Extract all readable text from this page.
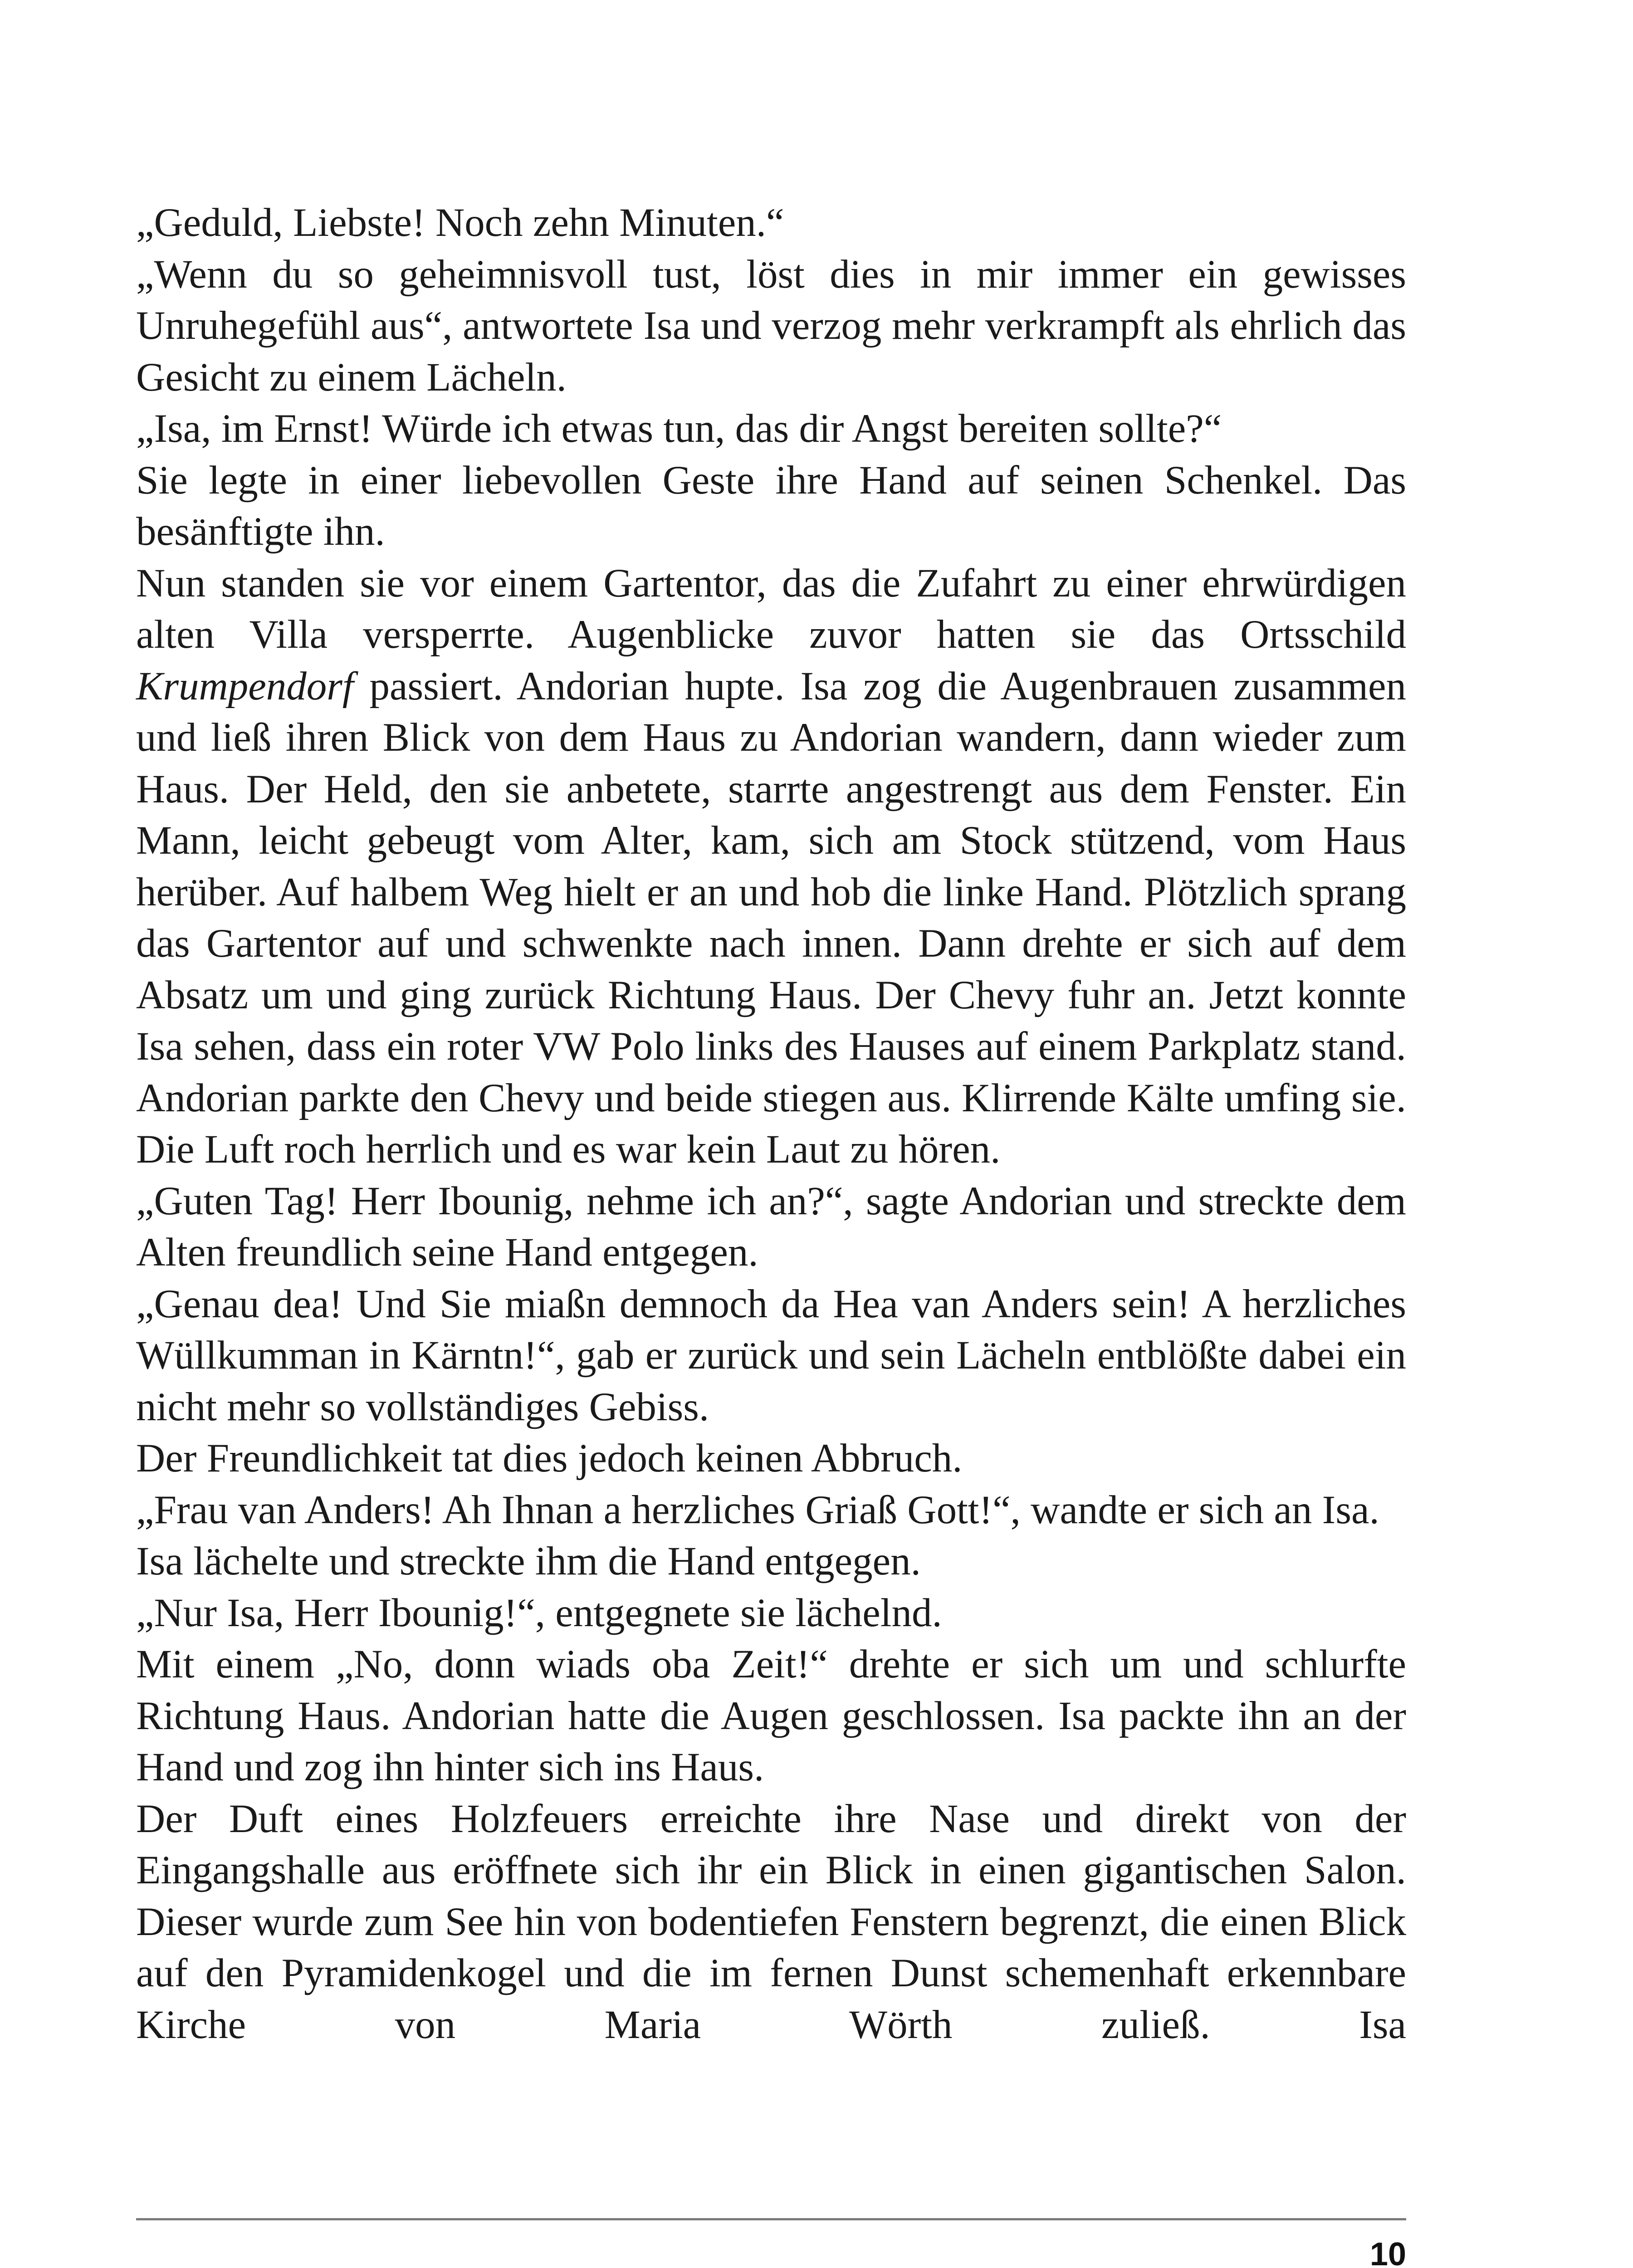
„Geduld, Liebste! Noch zehn Minuten.“

„Wenn du so geheimnisvoll tust, löst dies in mir immer ein gewisses Unruhegefühl aus“, antwortete Isa und verzog mehr verkrampft als ehrlich das Gesicht zu einem Lächeln.

„Isa, im Ernst! Würde ich etwas tun, das dir Angst bereiten sollte?“

Sie legte in einer liebevollen Geste ihre Hand auf seinen Schenkel. Das besänftigte ihn.

Nun standen sie vor einem Gartentor, das die Zufahrt zu einer ehrwürdigen alten Villa versperrte. Augenblicke zuvor hatten sie das Ortsschild Krumpendorf passiert. Andorian hupte. Isa zog die Augenbrauen zusammen und ließ ihren Blick von dem Haus zu Andorian wandern, dann wieder zum Haus. Der Held, den sie anbetete, starrte angestrengt aus dem Fenster. Ein Mann, leicht gebeugt vom Alter, kam, sich am Stock stützend, vom Haus herüber. Auf halbem Weg hielt er an und hob die linke Hand. Plötzlich sprang das Gartentor auf und schwenkte nach innen. Dann drehte er sich auf dem Absatz um und ging zurück Richtung Haus. Der Chevy fuhr an. Jetzt konnte Isa sehen, dass ein roter VW Polo links des Hauses auf einem Parkplatz stand. Andorian parkte den Chevy und beide stiegen aus. Klirrende Kälte umfing sie. Die Luft roch herrlich und es war kein Laut zu hören.

„Guten Tag! Herr Ibounig, nehme ich an?“, sagte Andorian und streckte dem Alten freundlich seine Hand entgegen.

„Genau dea! Und Sie miaßn demnoch da Hea van Anders sein! A herzliches Wüllkumman in Kärntn!“, gab er zurück und sein Lächeln entblößte dabei ein nicht mehr so vollständiges Gebiss.

Der Freundlichkeit tat dies jedoch keinen Abbruch.

„Frau van Anders! Ah Ihnan a herzliches Griaß Gott!“, wandte er sich an Isa.

Isa lächelte und streckte ihm die Hand entgegen.

„Nur Isa, Herr Ibounig!“, entgegnete sie lächelnd.

Mit einem „No, donn wiads oba Zeit!“ drehte er sich um und schlurfte Richtung Haus. Andorian hatte die Augen geschlossen. Isa packte ihn an der Hand und zog ihn hinter sich ins Haus.

Der Duft eines Holzfeuers erreichte ihre Nase und direkt von der Eingangshalle aus eröffnete sich ihr ein Blick in einen gigantischen Salon. Dieser wurde zum See hin von bodentiefen Fenstern begrenzt, die einen Blick auf den Pyramidenkogel und die im fernen Dunst schemenhaft erkennbare Kirche von Maria Wörth zuließ. Isa

10
